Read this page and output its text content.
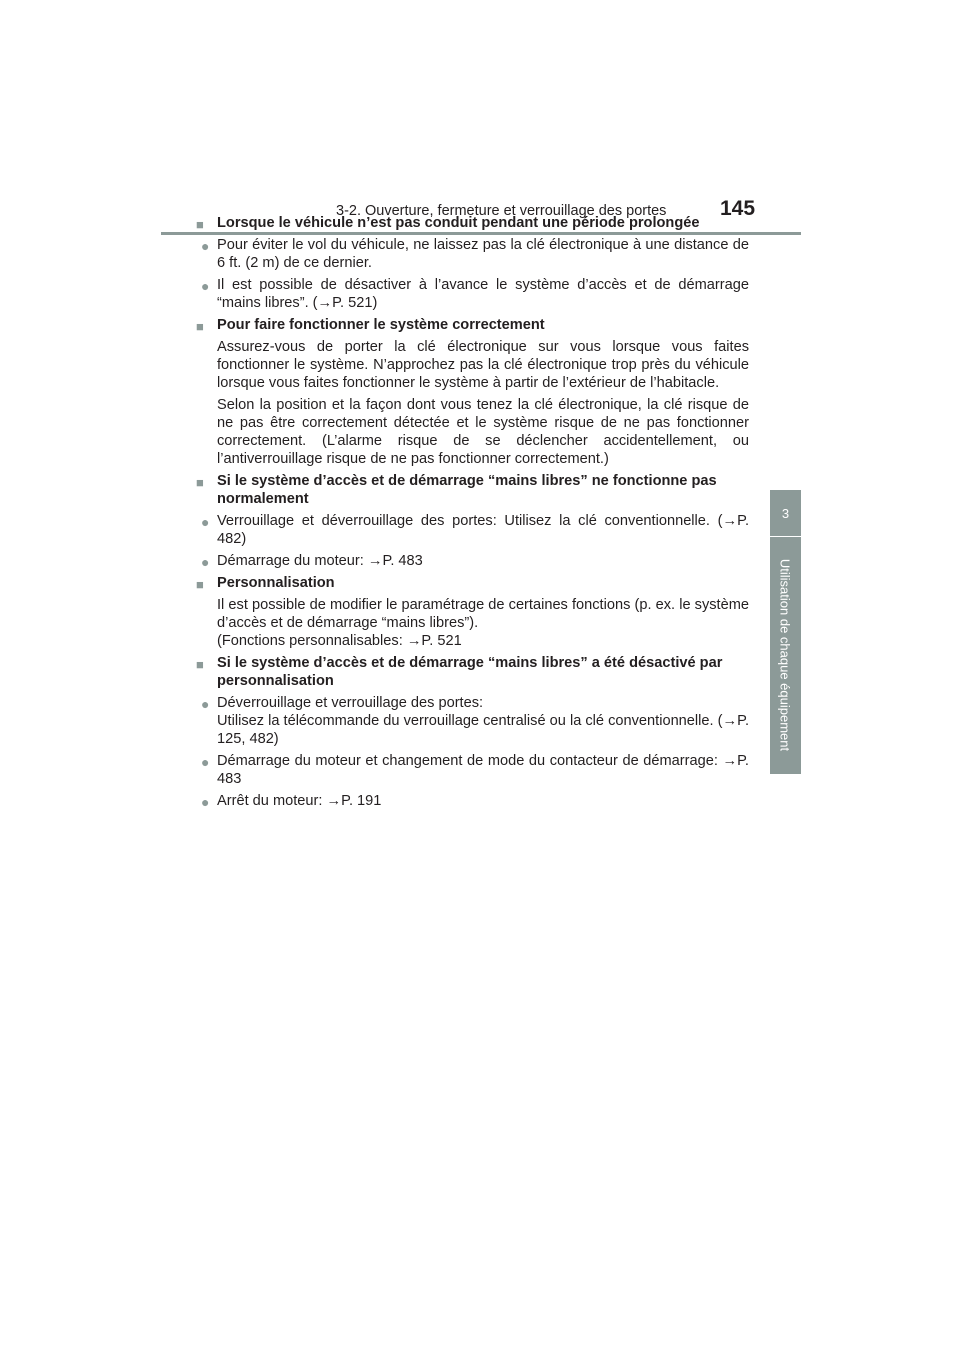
3-2. Ouverture, fermeture et verrouillage des portes	145
3
Utilisation de chaque équipement
■ Lorsque le véhicule n’est pas conduit pendant une période prolongée
● Pour éviter le vol du véhicule, ne laissez pas la clé électronique à une distance de 6 ft. (2 m) de ce dernier.
● Il est possible de désactiver à l’avance le système d’accès et de démarrage “mains libres”. (→P. 521)
■ Pour faire fonctionner le système correctement
Assurez-vous de porter la clé électronique sur vous lorsque vous faites fonctionner le système. N’approchez pas la clé électronique trop près du véhicule lorsque vous faites fonctionner le système à partir de l’extérieur de l’habitacle.
Selon la position et la façon dont vous tenez la clé électronique, la clé risque de ne pas être correctement détectée et le système risque de ne pas fonctionner correctement. (L’alarme risque de se déclencher accidentellement, ou l’antiverrouillage risque de ne pas fonctionner correctement.)
■ Si le système d’accès et de démarrage “mains libres” ne fonctionne pas normalement
● Verrouillage et déverrouillage des portes: Utilisez la clé conventionnelle. (→P. 482)
● Démarrage du moteur: →P. 483
■ Personnalisation
Il est possible de modifier le paramétrage de certaines fonctions (p. ex. le système d’accès et de démarrage “mains libres”).
(Fonctions personnalisables: →P. 521
■ Si le système d’accès et de démarrage “mains libres” a été désactivé par personnalisation
● Déverrouillage et verrouillage des portes:
Utilisez la télécommande du verrouillage centralisé ou la clé conventionnelle. (→P. 125, 482)
● Démarrage du moteur et changement de mode du contacteur de démarrage: →P. 483
● Arrêt du moteur: →P. 191
